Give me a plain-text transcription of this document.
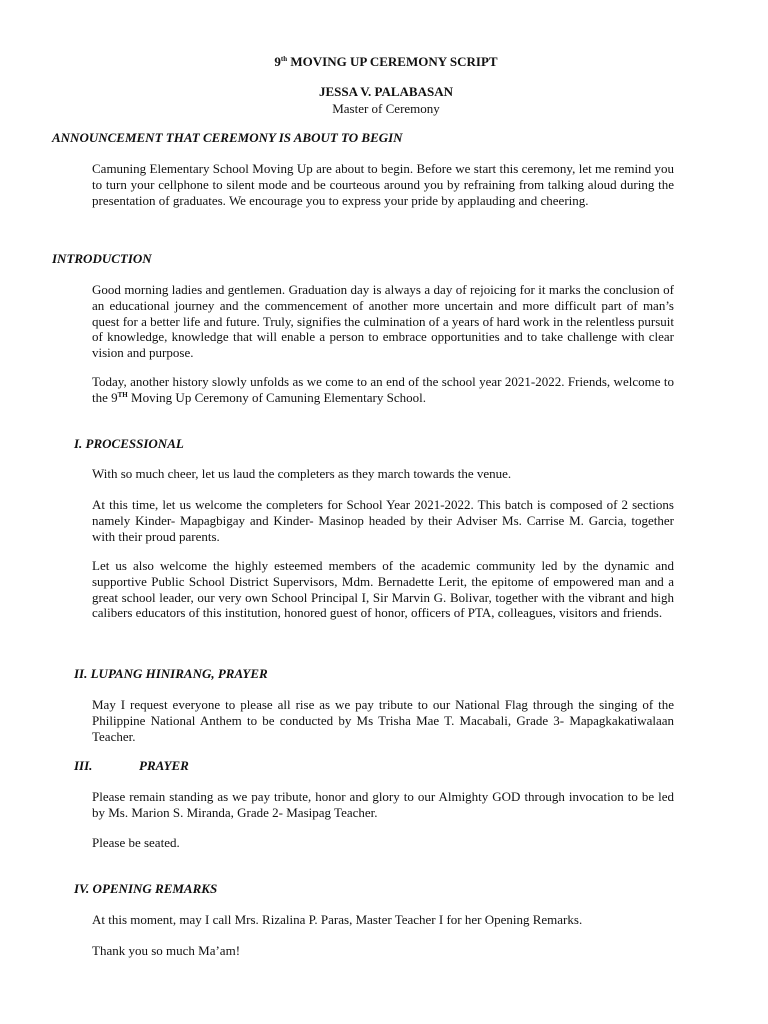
9th MOVING UP CEREMONY SCRIPT
JESSA V. PALABASAN
Master of Ceremony
ANNOUNCEMENT THAT CEREMONY IS ABOUT TO BEGIN

Camuning Elementary School Moving Up are about to begin. Before we start this ceremony, let me remind you to turn your cellphone to silent mode and be courteous around you by refraining from talking aloud during the presentation of graduates. We encourage you to express your pride by applauding and cheering.

INTRODUCTION

Good morning ladies and gentlemen. Graduation day is always a day of rejoicing for it marks the conclusion of an educational journey and the commencement of another more uncertain and more difficult part of man’s quest for a better life and future. Truly, signifies the culmination of a years of hard work in the relentless pursuit of knowledge, knowledge that will enable a person to embrace opportunities and to take challenge with clear vision and purpose.

Today, another history slowly unfolds as we come to an end of the school year 2021-2022. Friends, welcome to the 9TH Moving Up Ceremony of Camuning Elementary School.

I. PROCESSIONAL

With so much cheer, let us laud the completers as they march towards the venue.

At this time, let us welcome the completers for School Year 2021-2022. This batch is composed of 2 sections namely Kinder- Mapagbigay and Kinder- Masinop headed by their Adviser Ms. Carrise M. Garcia, together with their proud parents.

Let us also welcome the highly esteemed members of the academic community led by the dynamic and supportive Public School District Supervisors, Mdm. Bernadette Lerit, the epitome of empowered man and a great school leader, our very own School Principal I, Sir Marvin G. Bolivar, together with the vibrant and high calibers educators of this institution, honored guest of honor, officers of PTA, colleagues, visitors and friends.

II. LUPANG HINIRANG, PRAYER

May I request everyone to please all rise as we pay tribute to our National Flag through the singing of the Philippine National Anthem to be conducted by Ms Trisha Mae T. Macabali, Grade 3- Mapagkakatiwalaan Teacher.

III.	PRAYER

Please remain standing as we pay tribute, honor and glory to our Almighty GOD through invocation to be led by Ms. Marion S. Miranda, Grade 2- Masipag Teacher.

Please be seated.

IV. OPENING REMARKS

At this moment, may I call Mrs. Rizalina P. Paras, Master Teacher I for her Opening Remarks.

Thank you so much Ma’am!
